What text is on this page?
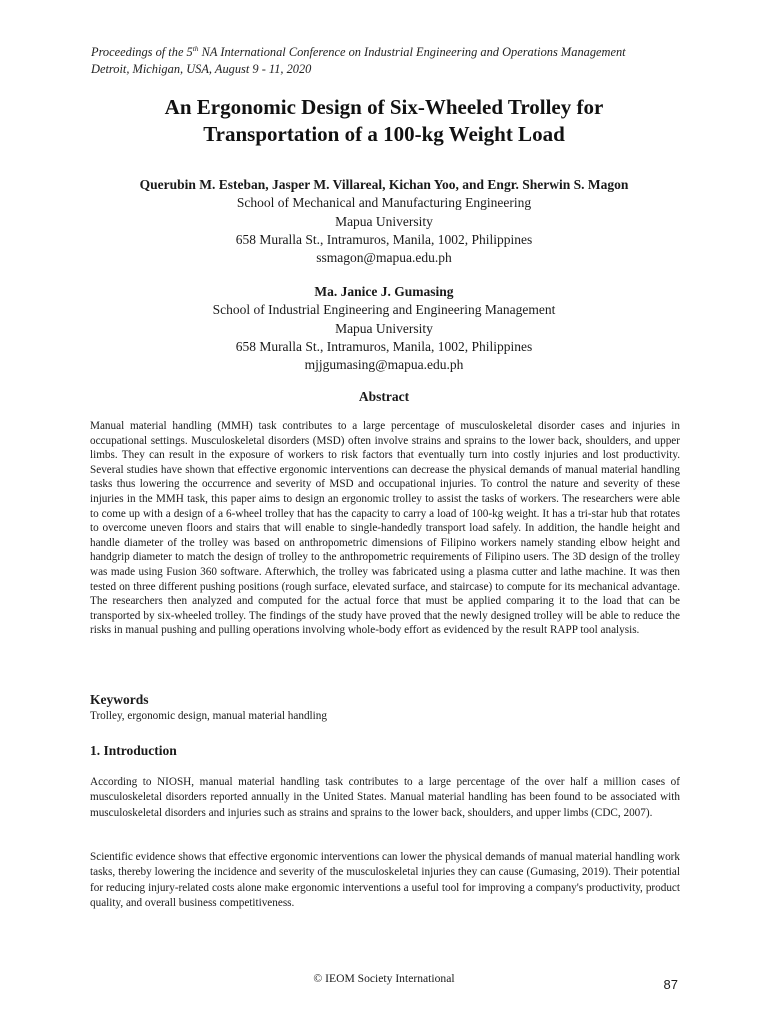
Proceedings of the 5th NA International Conference on Industrial Engineering and Operations Management
Detroit, Michigan, USA, August 9 - 11, 2020
An Ergonomic Design of Six-Wheeled Trolley for
Transportation of a 100-kg Weight Load
Querubin M. Esteban, Jasper M. Villareal, Kichan Yoo, and Engr. Sherwin S. Magon
School of Mechanical and Manufacturing Engineering
Mapua University
658 Muralla St., Intramuros, Manila, 1002, Philippines
ssmagon@mapua.edu.ph
Ma. Janice J. Gumasing
School of Industrial Engineering and Engineering Management
Mapua University
658 Muralla St., Intramuros, Manila, 1002, Philippines
mjjgumasing@mapua.edu.ph
Abstract
Manual material handling (MMH) task contributes to a large percentage of musculoskeletal disorder cases and injuries in occupational settings. Musculoskeletal disorders (MSD) often involve strains and sprains to the lower back, shoulders, and upper limbs. They can result in the exposure of workers to risk factors that eventually turn into costly injuries and lost productivity. Several studies have shown that effective ergonomic interventions can decrease the physical demands of manual material handling tasks thus lowering the occurrence and severity of MSD and occupational injuries. To control the nature and severity of these injuries in the MMH task, this paper aims to design an ergonomic trolley to assist the tasks of workers. The researchers were able to come up with a design of a 6-wheel trolley that has the capacity to carry a load of 100-kg weight. It has a tri-star hub that rotates to overcome uneven floors and stairs that will enable to single-handedly transport load safely. In addition, the handle height and handle diameter of the trolley was based on anthropometric dimensions of Filipino workers namely standing elbow height and handgrip diameter to match the design of trolley to the anthropometric requirements of Filipino users. The 3D design of the trolley was made using Fusion 360 software. Afterwhich, the trolley was fabricated using a plasma cutter and lathe machine. It was then tested on three different pushing positions (rough surface, elevated surface, and staircase) to compute for its mechanical advantage. The researchers then analyzed and computed for the actual force that must be applied comparing it to the load that can be transported by six-wheeled trolley. The findings of the study have proved that the newly designed trolley will be able to reduce the risks in manual pushing and pulling operations involving whole-body effort as evidenced by the result RAPP tool analysis.
Keywords
Trolley, ergonomic design, manual material handling
1. Introduction
According to NIOSH, manual material handling task contributes to a large percentage of the over half a million cases of musculoskeletal disorders reported annually in the United States. Manual material handling has been found to be associated with musculoskeletal disorders and injuries such as strains and sprains to the lower back, shoulders, and upper limbs (CDC, 2007).
Scientific evidence shows that effective ergonomic interventions can lower the physical demands of manual material handling work tasks, thereby lowering the incidence and severity of the musculoskeletal injuries they can cause (Gumasing, 2019). Their potential for reducing injury-related costs alone make ergonomic interventions a useful tool for improving a company's productivity, product quality, and overall business competitiveness.
© IEOM Society International	87
